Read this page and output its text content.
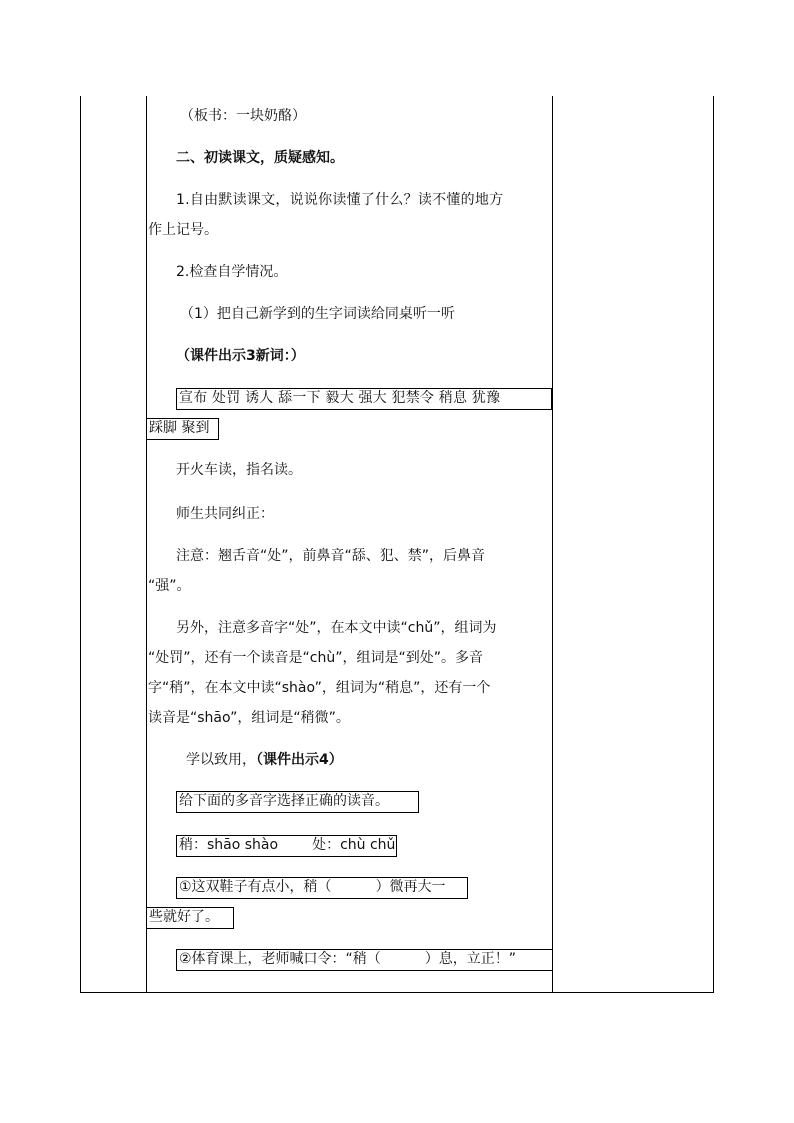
（板书：一块奶酪）
二、初读课文，质疑感知。
1.自由默读课文，说说你读懂了什么？读不懂的地方
作上记号。
2.检查自学情况。
（1）把自己新学到的生字词读给同桌听一听
（课件出示3新词：）
宣布 处罚 诱人 舔一下 毅大 强大 犯禁令 稍息 犹豫
踩脚 聚到
开火车读，指名读。
师生共同纠正：
注意：翘舌音“处”，前鼻音“舔、犯、禁”，后鼻音
“强”。
另外，注意多音字“处”，在本文中读“chǔ”，组词为
“处罚”，还有一个读音是“chù”，组词是“到处”。多音
字“稍”，在本文中读“shào”，组词为“稍息”，还有一个
读音是“shāo”，组词是“稍微”。
学以致用，（课件出示4）
给下面的多音字选择正确的读音。
稍：shāo shào 处：chù chǔ
①这双鞋子有点小，稍（	）微再大一
些就好了。
②体育课上，老师喊口令：“稍（	）息，立正！”
